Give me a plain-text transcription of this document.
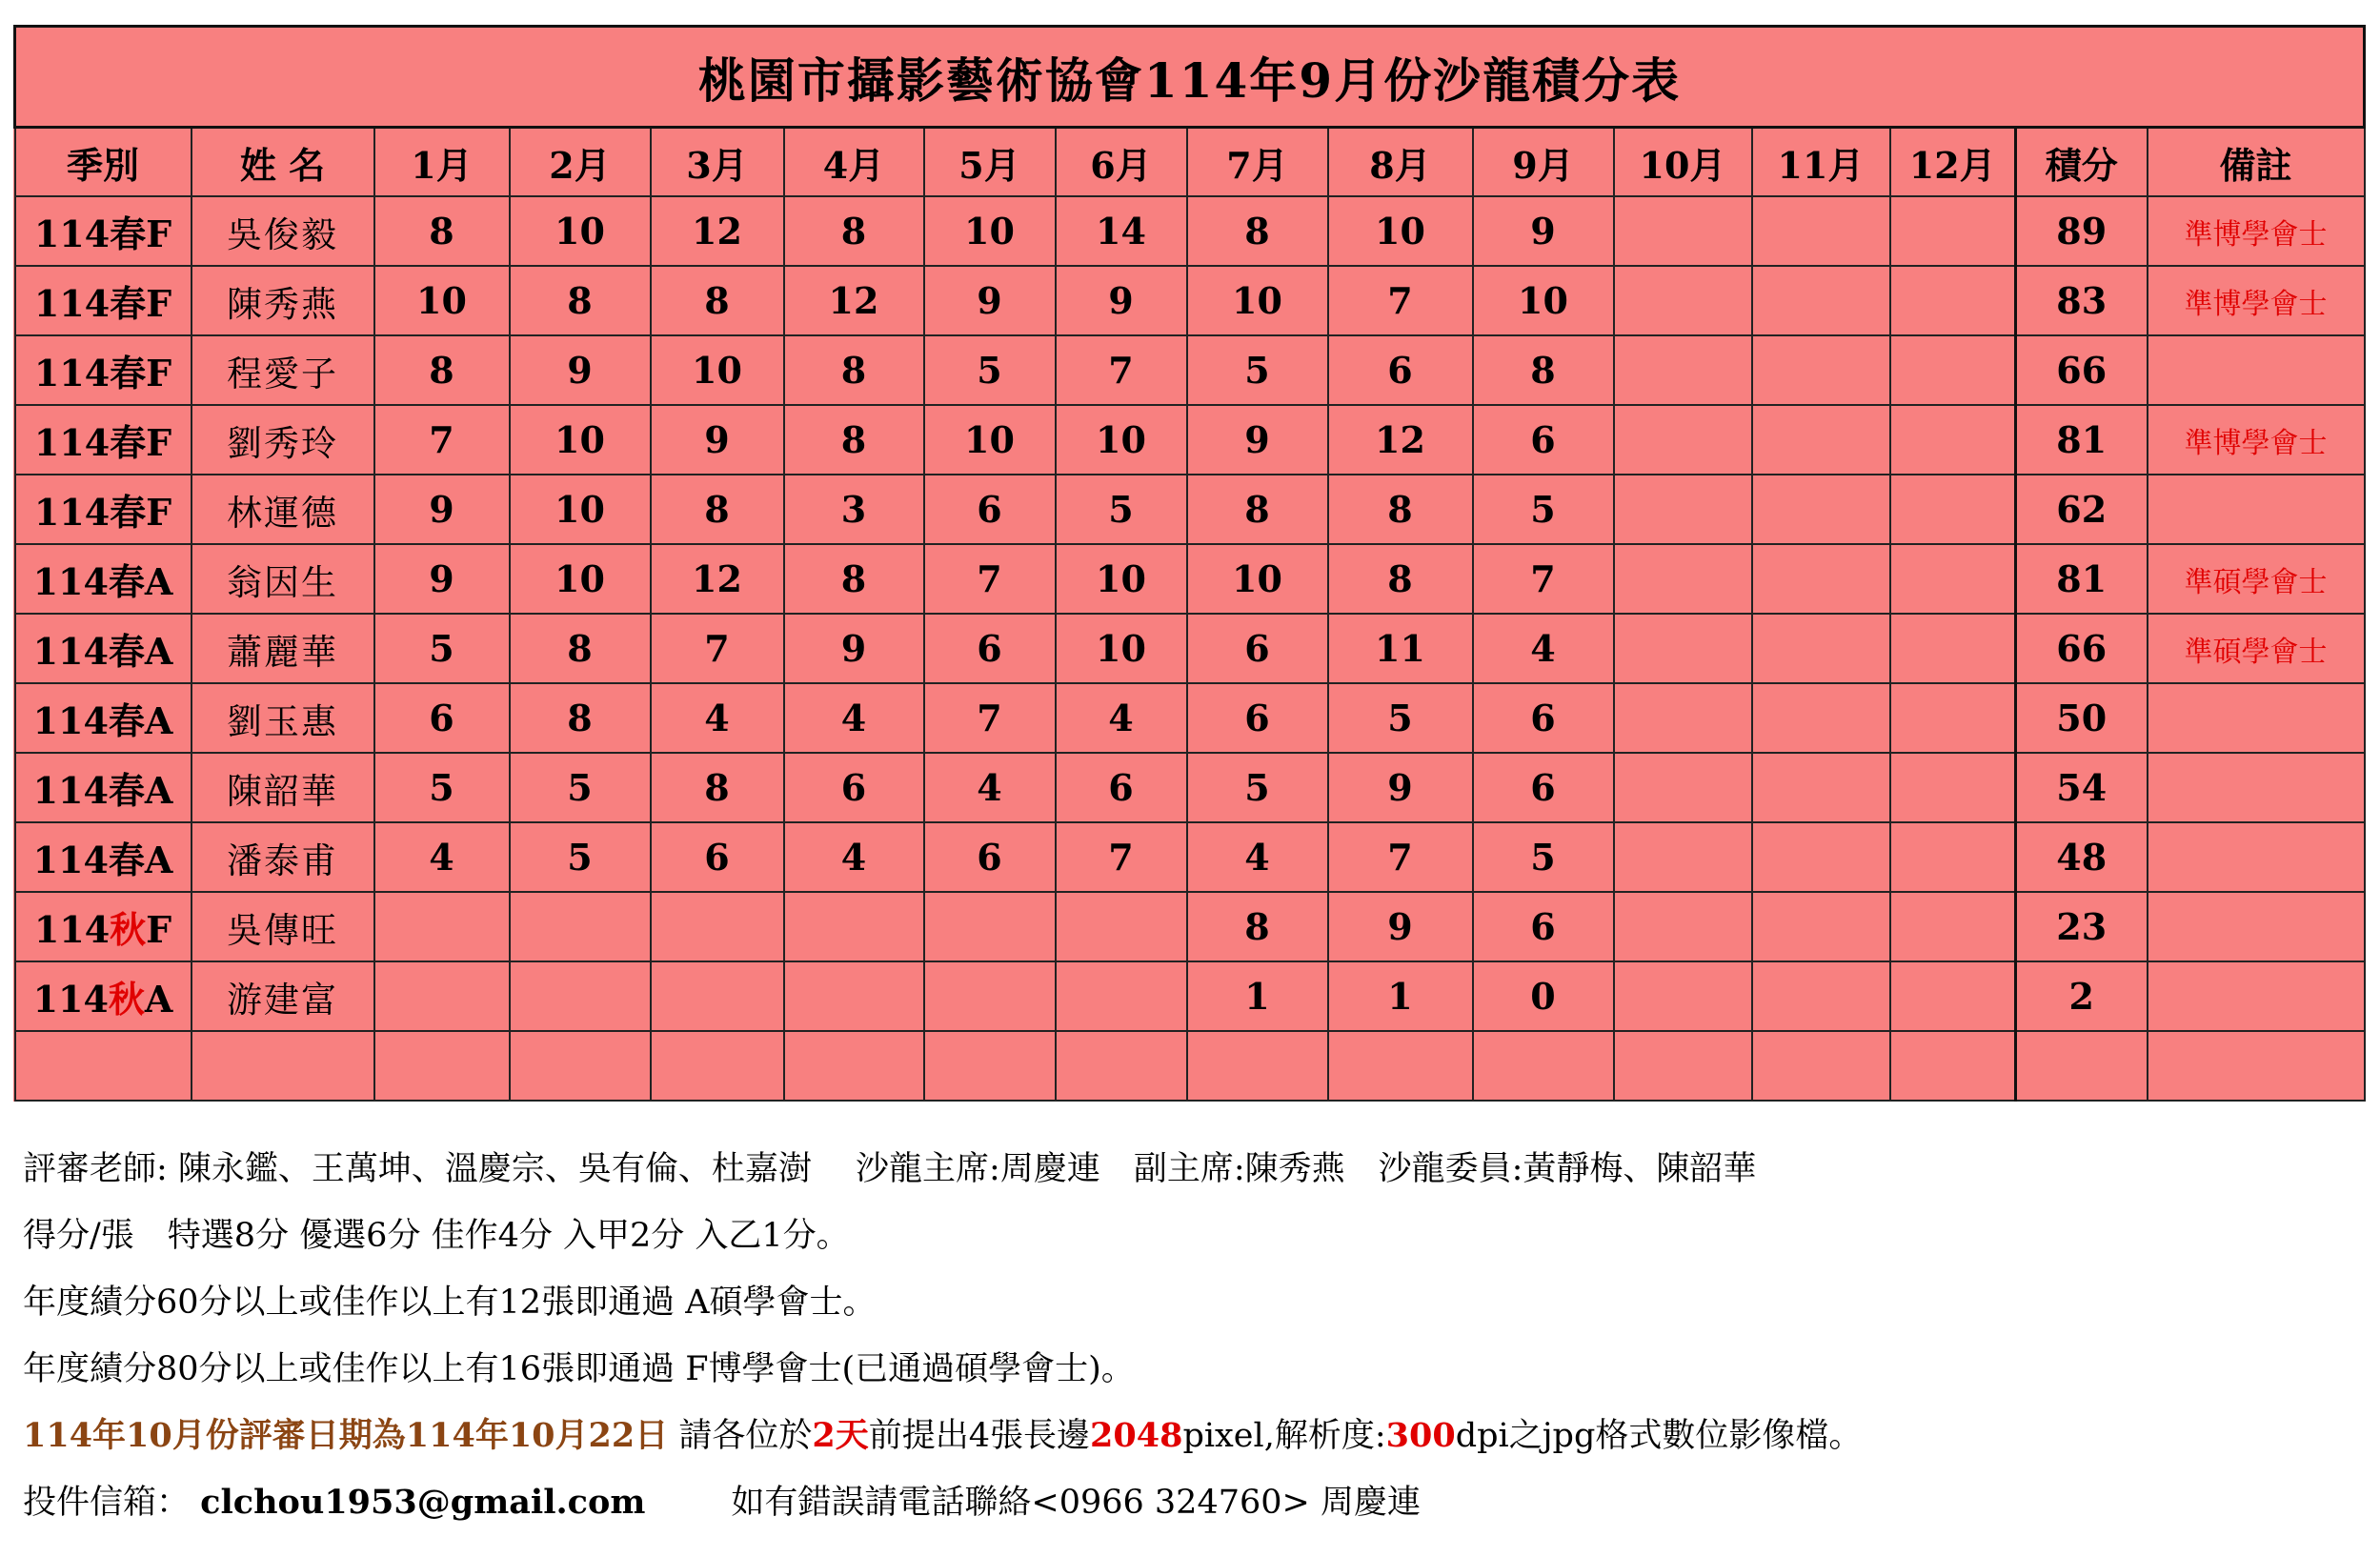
桃園市攝影藝術協會114年9月份沙龍積分表															
季別	姓 名	1月	2月	3月	4月	5月	6月	7月	8月	9月	10月	11月	12月	積分	備註
114春F	吳俊毅	8	10	12	8	10	14	8	10	9				89	準博學會士
114春F	陳秀燕	10	8	8	12	9	9	10	7	10				83	準博學會士
114春F	程愛子	8	9	10	8	5	7	5	6	8				66	
114春F	劉秀玲	7	10	9	8	10	10	9	12	6				81	準博學會士
114春F	林運德	9	10	8	3	6	5	8	8	5				62	
114春A	翁因生	9	10	12	8	7	10	10	8	7				81	準碩學會士
114春A	蕭麗華	5	8	7	9	6	10	6	11	4				66	準碩學會士
114春A	劉玉惠	6	8	4	4	7	4	6	5	6				50	
114春A	陳韶華	5	5	8	6	4	6	5	9	6				54	
114春A	潘泰甫	4	5	6	4	6	7	4	7	5				48	
114秋F	吳傳旺							8	9	6				23	
114秋A	游建富							1	1	0				2	

評審老師: 陳永鑑、王萬坤、溫慶宗、吳有倫、杜嘉澍　 沙龍主席:周慶連　副主席:陳秀燕　沙龍委員:黃靜梅、陳韶華
得分/張　特選8分 優選6分 佳作4分 入甲2分 入乙1分。
年度績分60分以上或佳作以上有12張即通過 A碩學會士。
年度績分80分以上或佳作以上有16張即通過 F博學會士(已通過碩學會士)。
114年10月份評審日期為114年10月22日 請各位於2天前提出4張長邊2048pixel,解析度:300dpi之jpg格式數位影像檔。
投件信箱： clchou1953@gmail.com	如有錯誤請電話聯絡<0966 324760> 周慶連
